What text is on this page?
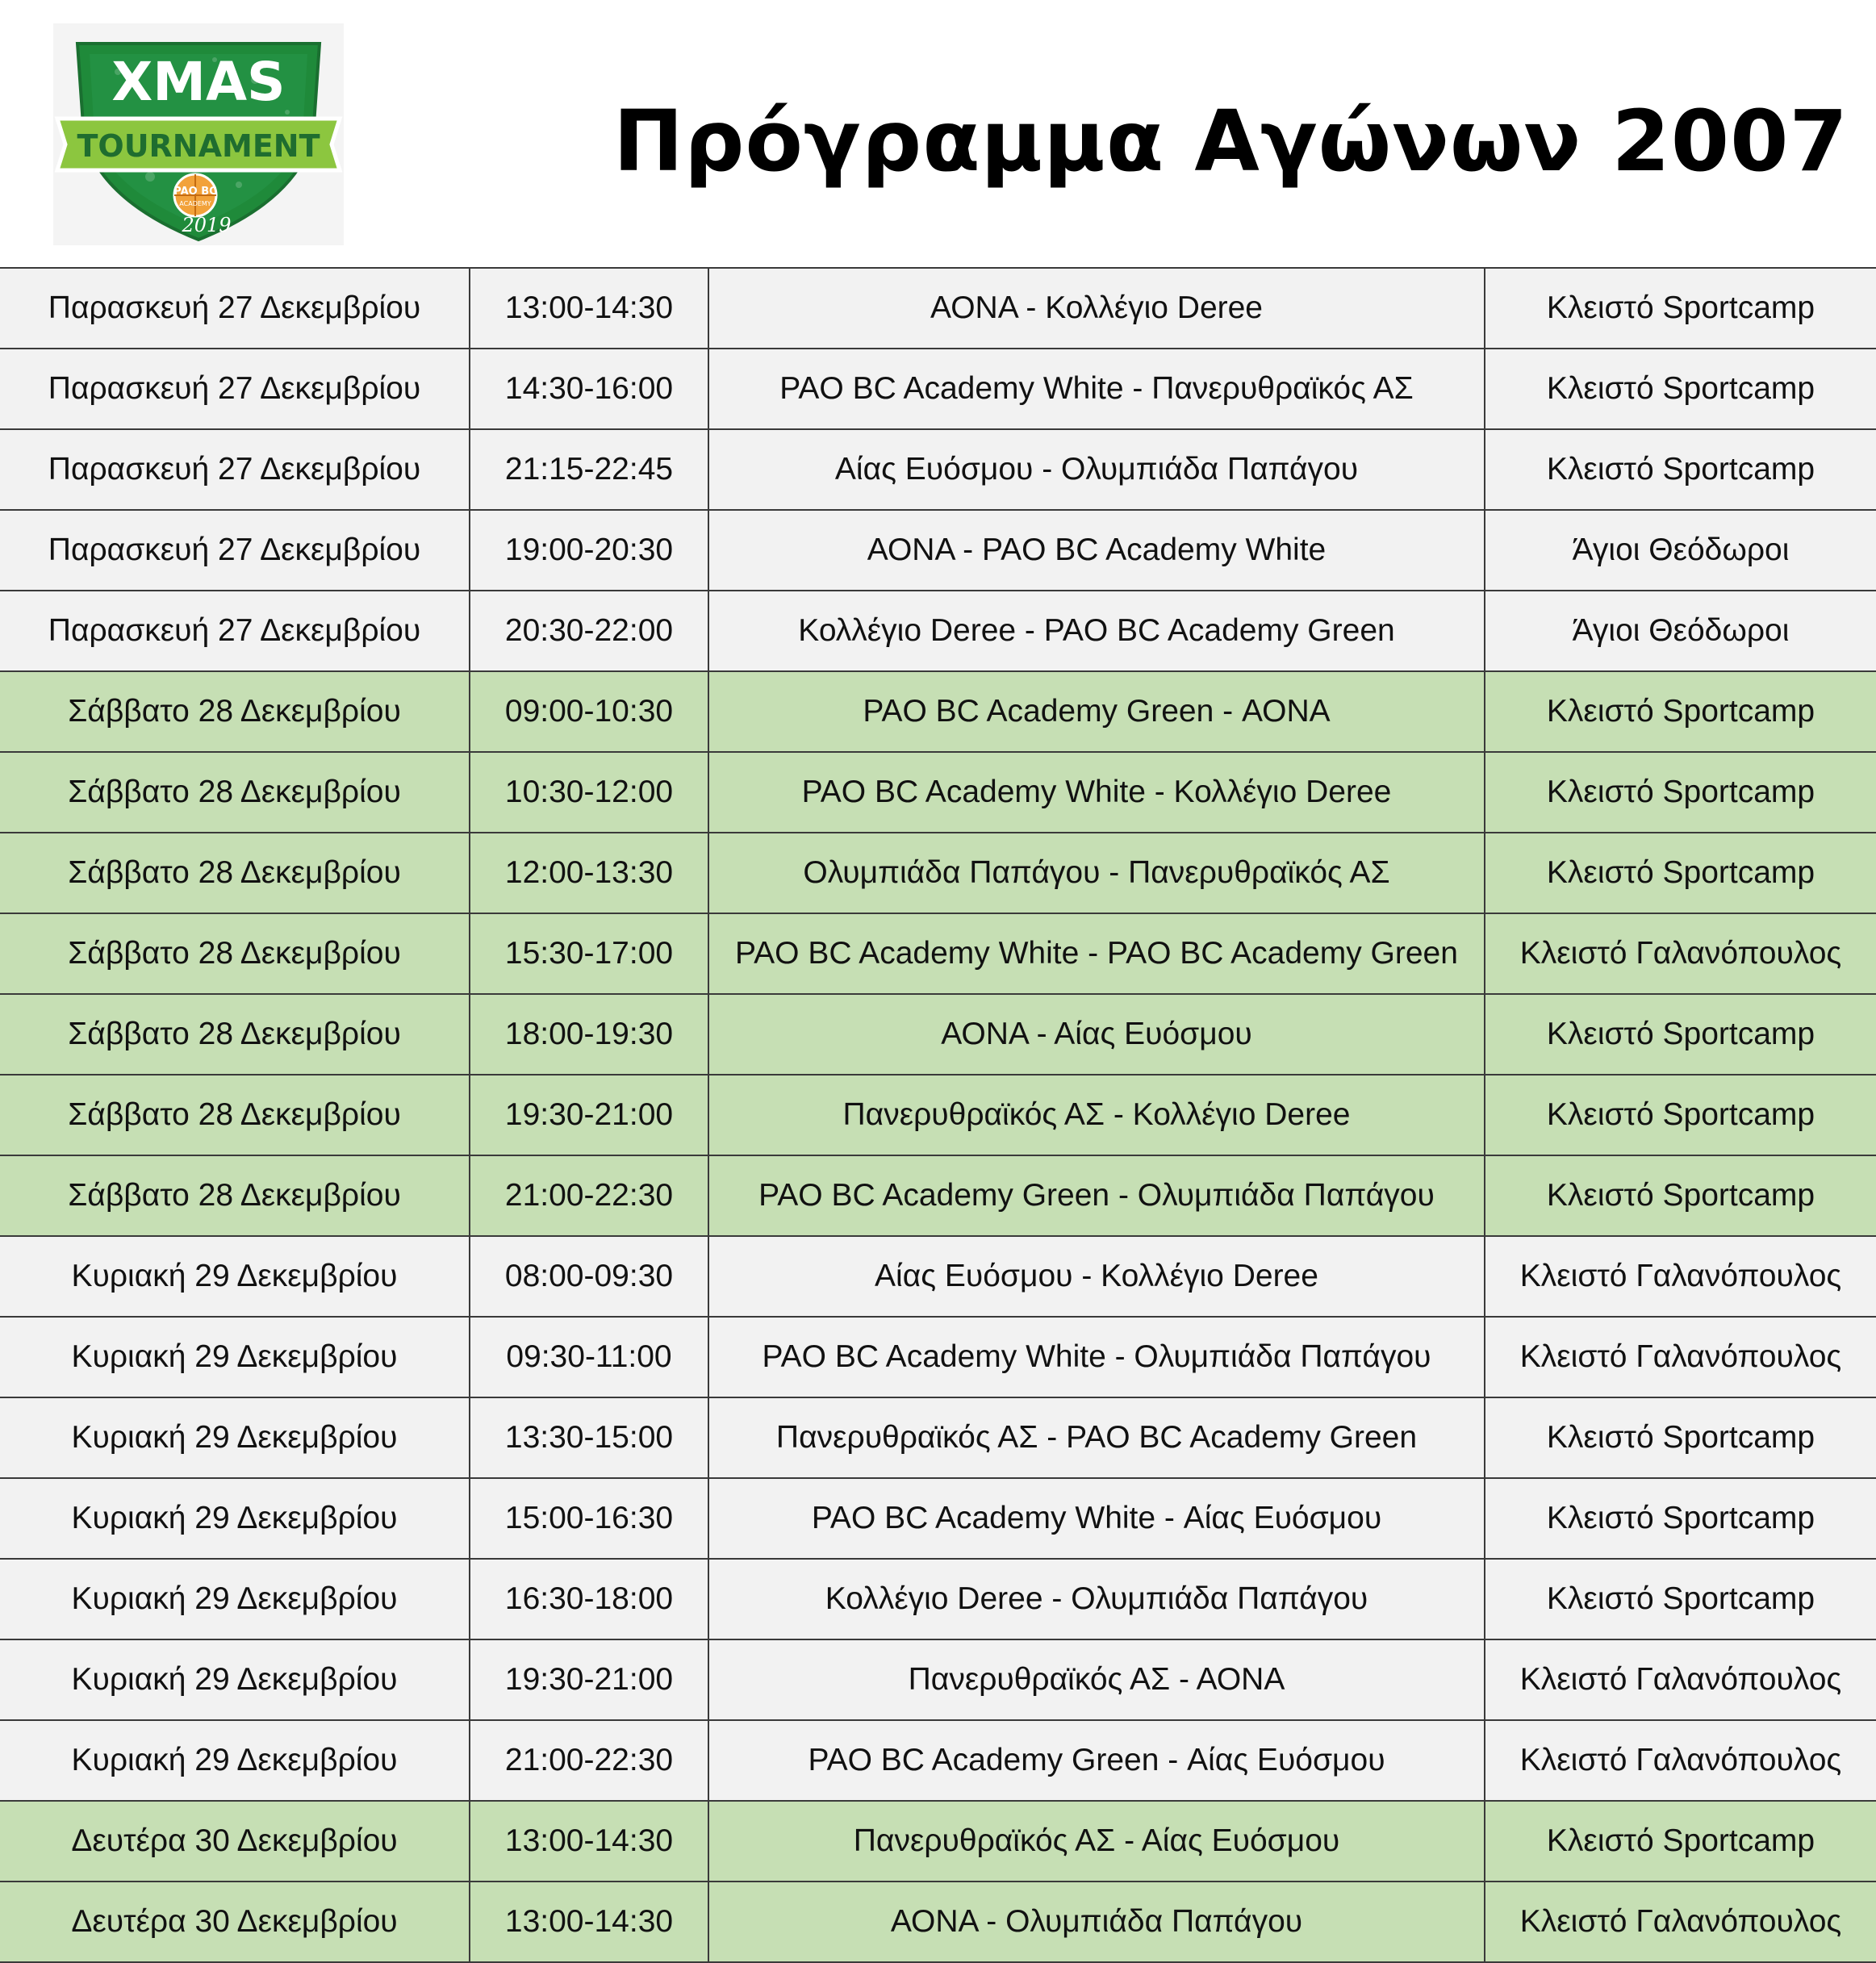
XMAS
TOURNAMENT
PAO BC
ACADEMY
2019
Πρόγραμμα Αγώνων 2007
Παρασκευή 27 Δεκεμβρίου	13:00-14:30	ΑΟΝΑ - Κολλέγιο Deree	Κλειστό Sportcamp
Παρασκευή 27 Δεκεμβρίου	14:30-16:00	PAO BC Academy White - Πανερυθραϊκός ΑΣ	Κλειστό Sportcamp
Παρασκευή 27 Δεκεμβρίου	21:15-22:45	Αίας Ευόσμου - Ολυμπιάδα Παπάγου	Κλειστό Sportcamp
Παρασκευή 27 Δεκεμβρίου	19:00-20:30	ΑΟΝΑ - PAO BC Academy White	Άγιοι Θεόδωροι
Παρασκευή 27 Δεκεμβρίου	20:30-22:00	Κολλέγιο Deree - PAO BC Academy Green	Άγιοι Θεόδωροι
Σάββατο 28 Δεκεμβρίου	09:00-10:30	PAO BC Academy Green - ΑΟΝΑ	Κλειστό Sportcamp
Σάββατο 28 Δεκεμβρίου	10:30-12:00	PAO BC Academy White - Κολλέγιο Deree	Κλειστό Sportcamp
Σάββατο 28 Δεκεμβρίου	12:00-13:30	Ολυμπιάδα Παπάγου - Πανερυθραϊκός ΑΣ	Κλειστό Sportcamp
Σάββατο 28 Δεκεμβρίου	15:30-17:00	PAO BC Academy White - PAO BC Academy Green	Κλειστό Γαλανόπουλος
Σάββατο 28 Δεκεμβρίου	18:00-19:30	ΑΟΝΑ - Αίας Ευόσμου	Κλειστό Sportcamp
Σάββατο 28 Δεκεμβρίου	19:30-21:00	Πανερυθραϊκός ΑΣ - Κολλέγιο Deree	Κλειστό Sportcamp
Σάββατο 28 Δεκεμβρίου	21:00-22:30	PAO BC Academy Green - Ολυμπιάδα Παπάγου	Κλειστό Sportcamp
Κυριακή 29 Δεκεμβρίου	08:00-09:30	Αίας Ευόσμου - Κολλέγιο Deree	Κλειστό Γαλανόπουλος
Κυριακή 29 Δεκεμβρίου	09:30-11:00	PAO BC Academy White - Ολυμπιάδα Παπάγου	Κλειστό Γαλανόπουλος
Κυριακή 29 Δεκεμβρίου	13:30-15:00	Πανερυθραϊκός ΑΣ - PAO BC Academy Green	Κλειστό Sportcamp
Κυριακή 29 Δεκεμβρίου	15:00-16:30	PAO BC Academy White - Αίας Ευόσμου	Κλειστό Sportcamp
Κυριακή 29 Δεκεμβρίου	16:30-18:00	Κολλέγιο Deree - Ολυμπιάδα Παπάγου	Κλειστό Sportcamp
Κυριακή 29 Δεκεμβρίου	19:30-21:00	Πανερυθραϊκός ΑΣ - ΑΟΝΑ	Κλειστό Γαλανόπουλος
Κυριακή 29 Δεκεμβρίου	21:00-22:30	PAO BC Academy Green - Αίας Ευόσμου	Κλειστό Γαλανόπουλος
Δευτέρα 30 Δεκεμβρίου	13:00-14:30	Πανερυθραϊκός ΑΣ - Αίας Ευόσμου	Κλειστό Sportcamp
Δευτέρα 30 Δεκεμβρίου	13:00-14:30	ΑΟΝΑ - Ολυμπιάδα Παπάγου	Κλειστό Γαλανόπουλος
